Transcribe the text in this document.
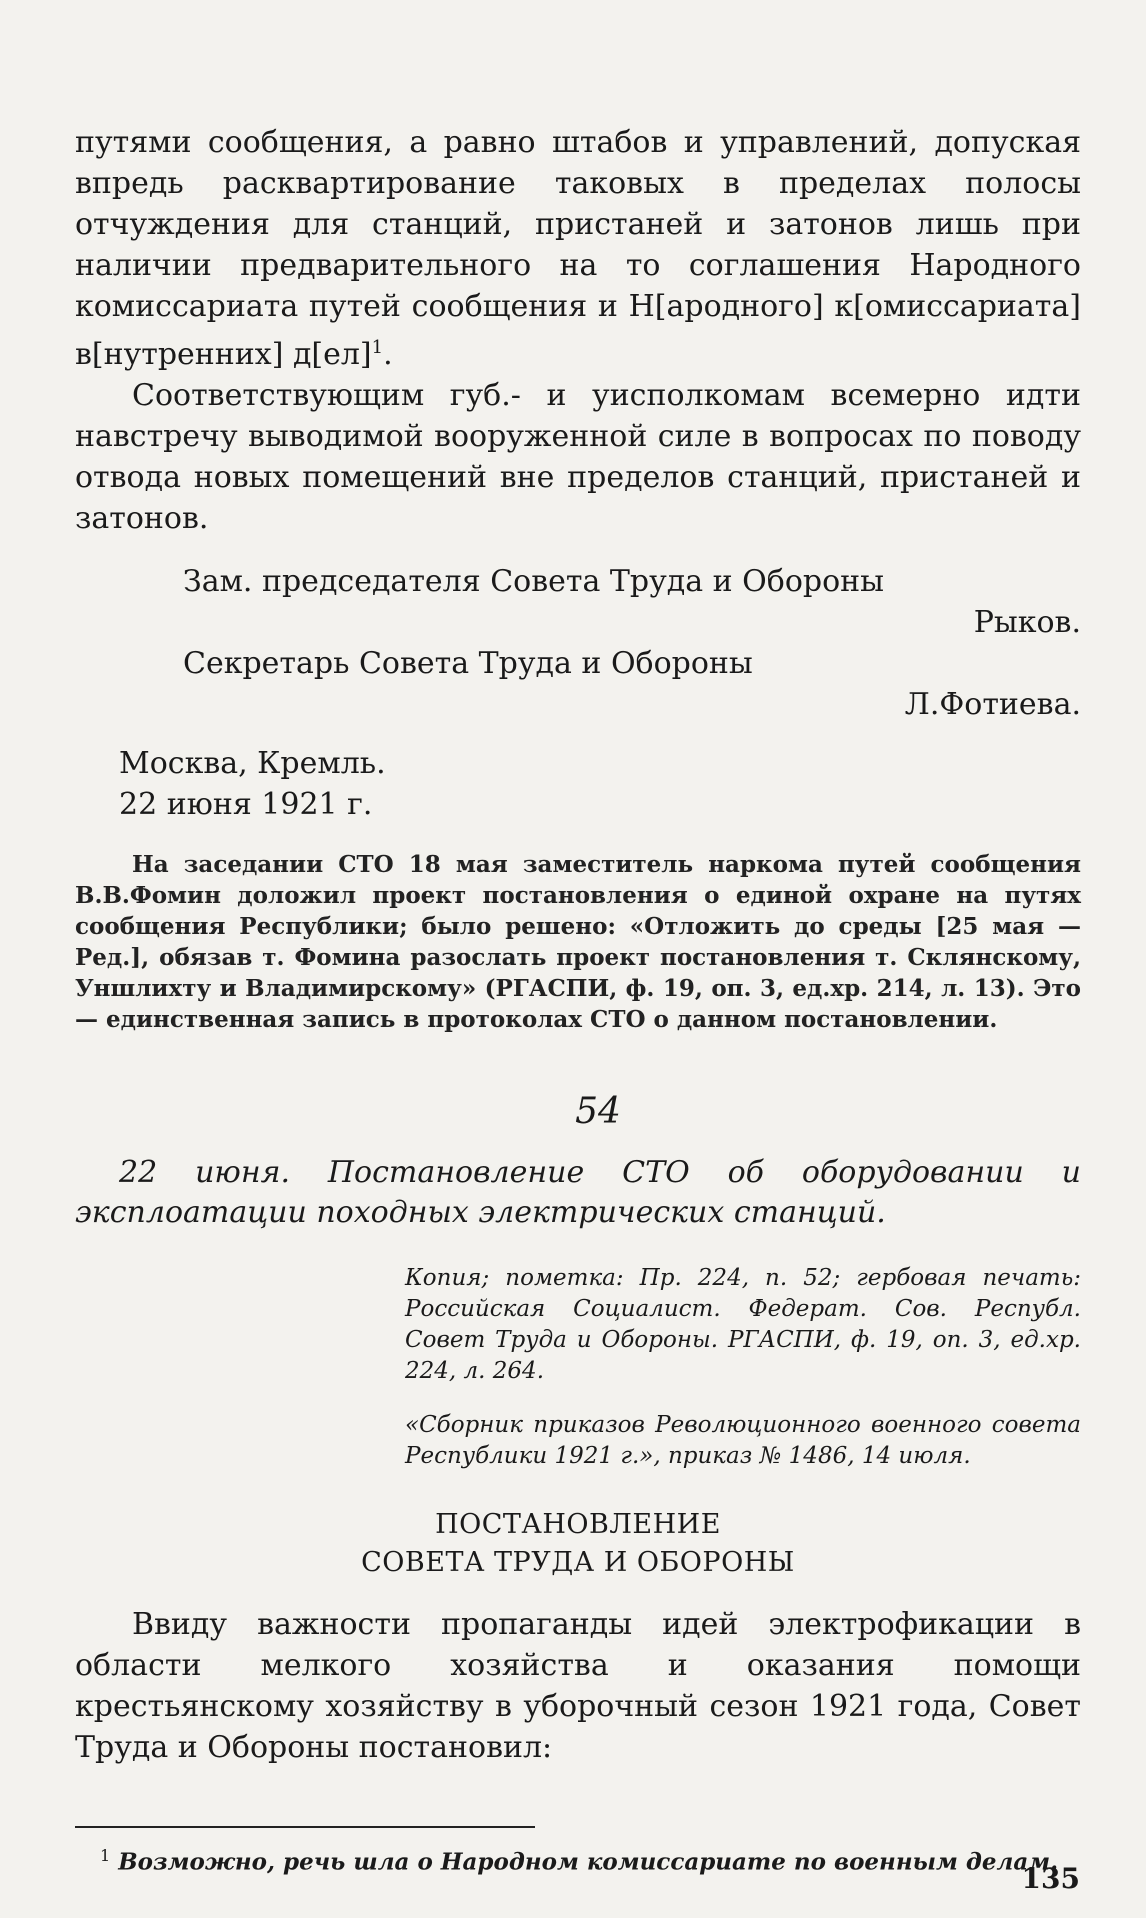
путями сообщения, а равно штабов и управлений, допуская впредь расквартирование таковых в пределах полосы отчуждения для станций, пристаней и затонов лишь при наличии предварительного на то соглашения Народного комиссариата путей сообщения и Н[ародного] к[омиссариата] в[нутренних] д[ел]$^1$.

Соответствующим губ.- и уисполкомам всемерно идти навстречу выводимой вооруженной силе в вопросах по поводу отвода новых помещений вне пределов станций, пристаней и затонов.

Зам. председателя Совета Труда и Обороны
Рыков.
Секретарь Совета Труда и Обороны
Л.Фотиева.
Москва, Кремль.
22 июня 1921 г.

На заседании СТО 18 мая заместитель наркома путей сообщения В.В.Фомин доложил проект постановления о единой охране на путях сообщения Республики; было решено: «Отложить до среды [25 мая — Ред.], обязав т. Фомина разослать проект постановления т. Склянскому, Уншлихту и Владимирскому» (РГАСПИ, ф. 19, оп. 3, ед.хр. 214, л. 13). Это — единственная запись в протоколах СТО о данном постановлении.

54

22 июня. Постановление СТО об оборудовании и эксплоатации походных электрических станций.

Копия; пометка: Пр. 224, п. 52; гербовая печать: Российская Социалист. Федерат. Сов. Республ. Совет Труда и Обороны. РГАСПИ, ф. 19, оп. 3, ед.хр. 224, л. 264.

«Сборник приказов Революционного военного совета Республики 1921 г.», приказ № 1486, 14 июля.

ПОСТАНОВЛЕНИЕ
СОВЕТА ТРУДА И ОБОРОНЫ

Ввиду важности пропаганды идей электрофикации в области мелкого хозяйства и оказания помощи крестьянскому хозяйству в уборочный сезон 1921 года, Совет Труда и Обороны постановил:

$^1$ Возможно, речь шла о Народном комиссариате по военным делам.
135
